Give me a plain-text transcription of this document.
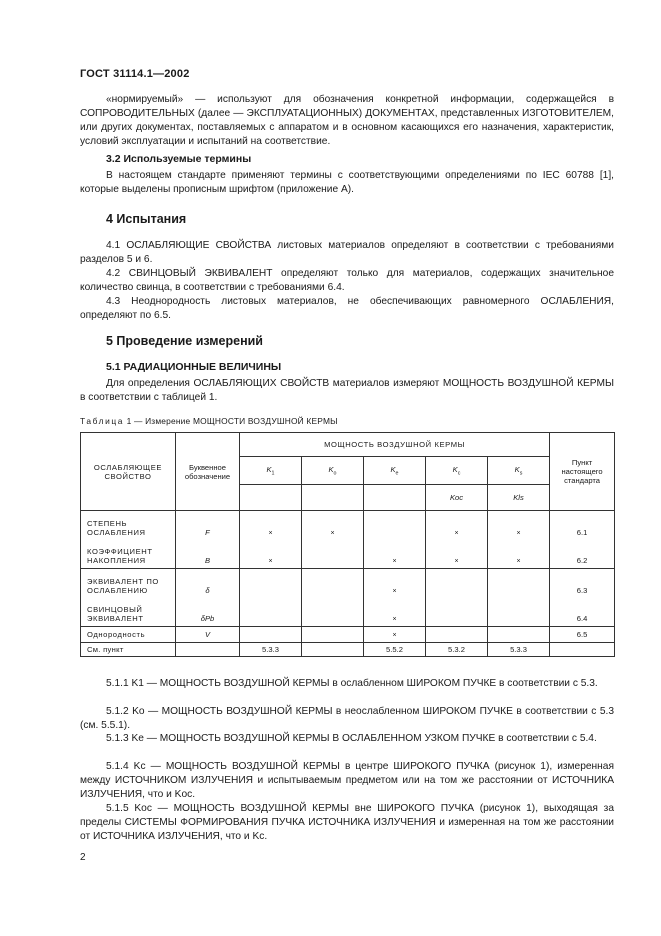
ГОСТ 31114.1—2002
«нормируемый» — используют для обозначения конкретной информации, содержащейся в СОПРОВОДИТЕЛЬНЫХ (далее — ЭКСПЛУАТАЦИОННЫХ) ДОКУМЕНТАХ, представленных ИЗГОТОВИТЕЛЕМ, или других документах, поставляемых с аппаратом и в основном касающихся его назначения, характеристик, условий эксплуатации и испытаний на соответствие.
3.2 Используемые термины
В настоящем стандарте применяют термины с соответствующими определениями по IEC 60788 [1], которые выделены прописным шрифтом (приложение А).
4 Испытания
4.1 ОСЛАБЛЯЮЩИЕ СВОЙСТВА листовых материалов определяют в соответствии с требованиями разделов 5 и 6.
4.2 СВИНЦОВЫЙ ЭКВИВАЛЕНТ определяют только для материалов, содержащих значительное количество свинца, в соответствии с требованиями 6.4.
4.3 Неоднородность листовых материалов, не обеспечивающих равномерного ОСЛАБЛЕНИЯ, определяют по 6.5.
5 Проведение измерений
5.1 РАДИАЦИОННЫЕ ВЕЛИЧИНЫ
Для определения ОСЛАБЛЯЮЩИХ СВОЙСТВ материалов измеряют МОЩНОСТЬ ВОЗДУШНОЙ КЕРМЫ в соответствии с таблицей 1.
Таблица 1 — Измерение МОЩНОСТИ ВОЗДУШНОЙ КЕРМЫ
ОСЛАБЛЯЮЩЕЕ СВОЙСТВО	Буквенное обозначение	МОЩНОСТЬ ВОЗДУШНОЙ КЕРМЫ					Пункт настоящего стандарта
		$K_1$	$K_o$	$K_e$	$K_c$	$K_s$
					Koc	Kls	
СТЕПЕНЬ ОСЛАБЛЕНИЯ	F	×	×		×	×	6.1
КОЭФФИЦИЕНТ НАКОПЛЕНИЯ	B	×		×	×	×	6.2
ЭКВИВАЛЕНТ ПО ОСЛАБЛЕНИЮ	δ			×			6.3
СВИНЦОВЫЙ ЭКВИВАЛЕНТ	δPb			×			6.4
Однородность	V			×			6.5
См. пункт		5.3.3		5.5.2	5.3.2	5.3.3	
5.1.1 K1 — МОЩНОСТЬ ВОЗДУШНОЙ КЕРМЫ в ослабленном ШИРОКОМ ПУЧКЕ в соответствии с 5.3.
5.1.2 Ko — МОЩНОСТЬ ВОЗДУШНОЙ КЕРМЫ в неослабленном ШИРОКОМ ПУЧКЕ в соответствии с 5.3 (см. 5.5.1).
5.1.3 Ke — МОЩНОСТЬ ВОЗДУШНОЙ КЕРМЫ В ОСЛАБЛЕННОМ УЗКОМ ПУЧКЕ в соответствии с 5.4.
5.1.4 Kc — МОЩНОСТЬ ВОЗДУШНОЙ КЕРМЫ в центре ШИРОКОГО ПУЧКА (рисунок 1), измеренная между ИСТОЧНИКОМ ИЗЛУЧЕНИЯ и испытываемым предметом или на том же расстоянии от ИСТОЧНИКА ИЗЛУЧЕНИЯ, что и Koc.
5.1.5 Koc — МОЩНОСТЬ ВОЗДУШНОЙ КЕРМЫ вне ШИРОКОГО ПУЧКА (рисунок 1), выходящая за пределы СИСТЕМЫ ФОРМИРОВАНИЯ ПУЧКА ИСТОЧНИКА ИЗЛУЧЕНИЯ и измеренная на том же расстоянии от ИСТОЧНИКА ИЗЛУЧЕНИЯ, что и Kc.
2
